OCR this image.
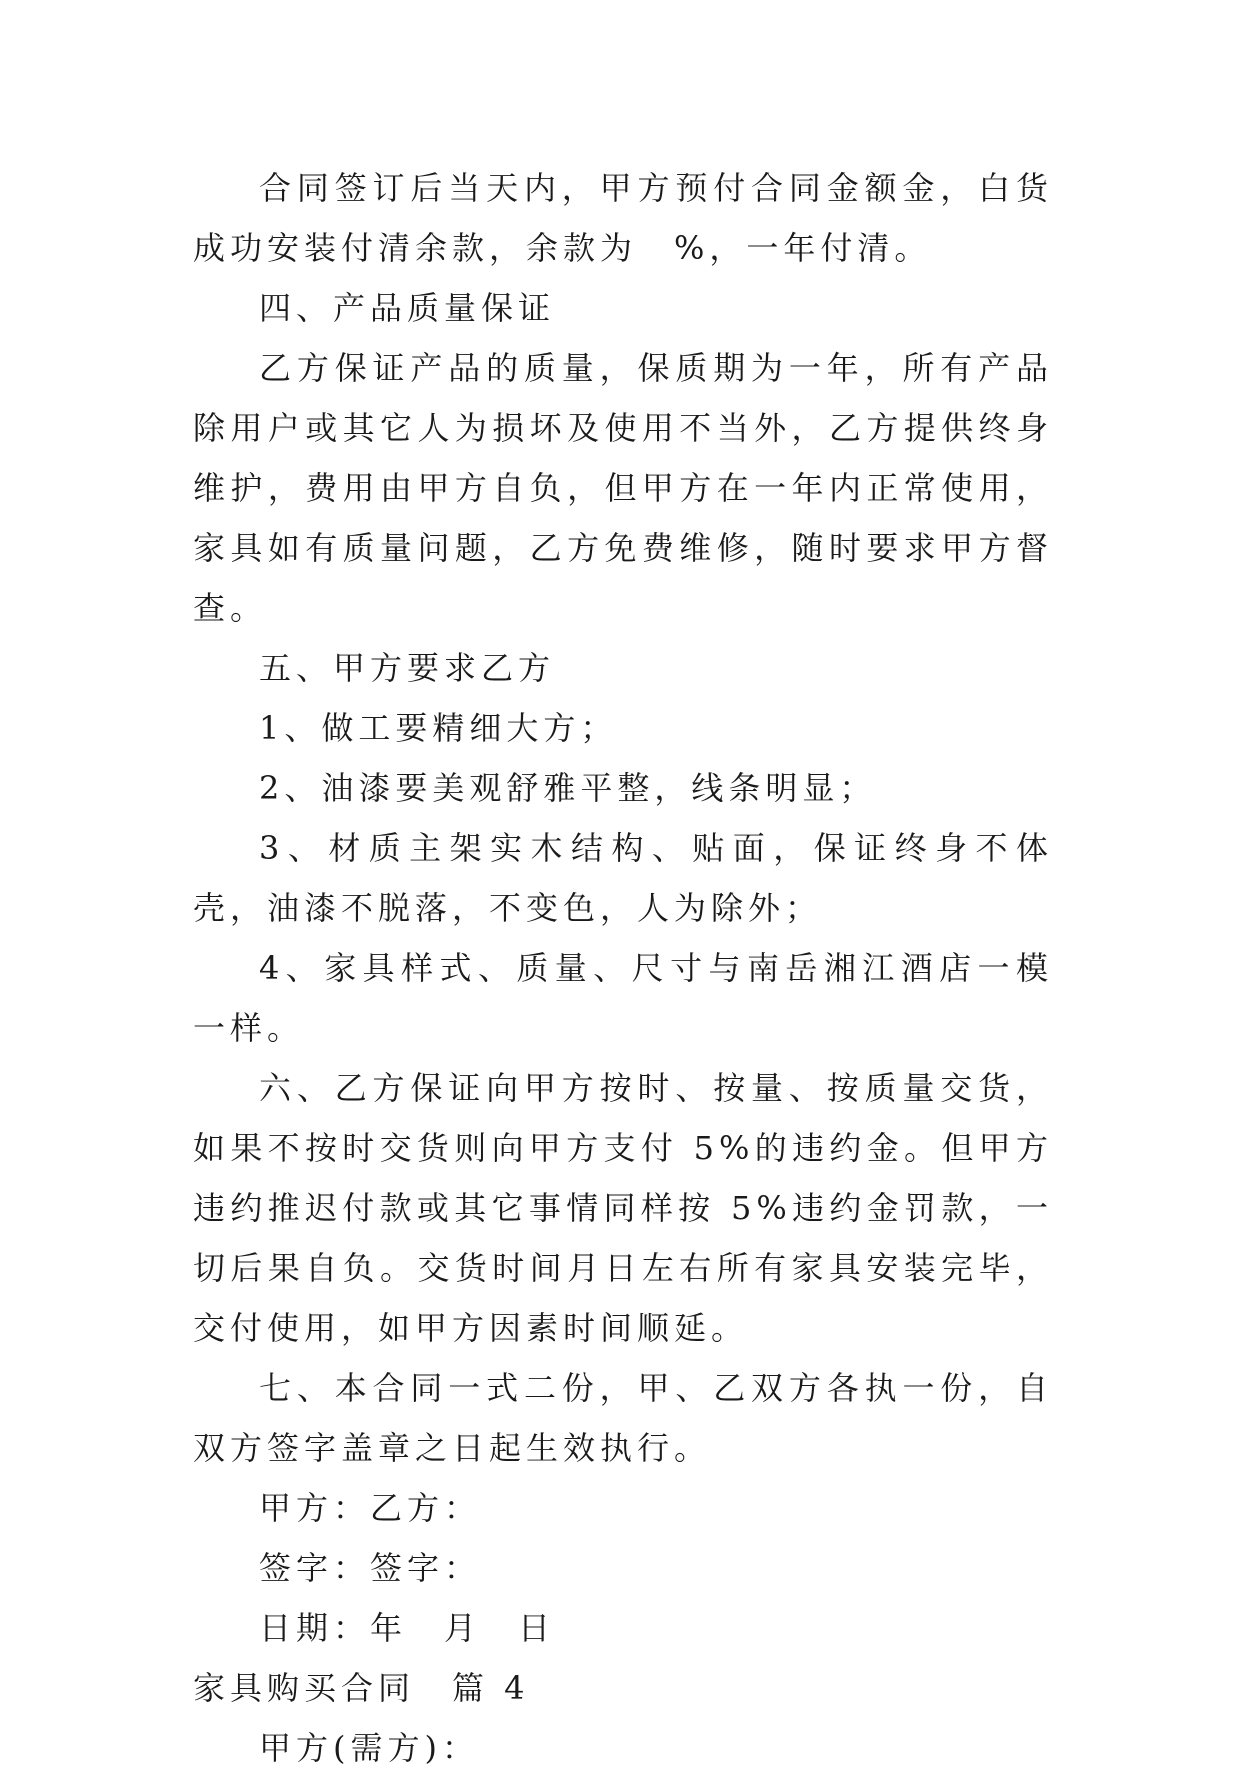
合同签订后当天内，甲方预付合同金额金，白货成功安装付清余款，余款为　%，一年付清。

四、产品质量保证

乙方保证产品的质量，保质期为一年，所有产品除用户或其它人为损坏及使用不当外，乙方提供终身维护，费用由甲方自负，但甲方在一年内正常使用，家具如有质量问题，乙方免费维修，随时要求甲方督查。

五、甲方要求乙方

1、做工要精细大方；

2、油漆要美观舒雅平整，线条明显；

3、材质主架实木结构、贴面，保证终身不体壳，油漆不脱落，不变色，人为除外；

4、家具样式、质量、尺寸与南岳湘江酒店一模一样。

六、乙方保证向甲方按时、按量、按质量交货，如果不按时交货则向甲方支付 5%的违约金。但甲方违约推迟付款或其它事情同样按 5%违约金罚款，一切后果自负。交货时间月日左右所有家具安装完毕，交付使用，如甲方因素时间顺延。

七、本合同一式二份，甲、乙双方各执一份，自双方签字盖章之日起生效执行。

甲方：乙方：

签字：签字：

日期：年　月　日

家具购买合同　篇 4

甲方(需方)：
